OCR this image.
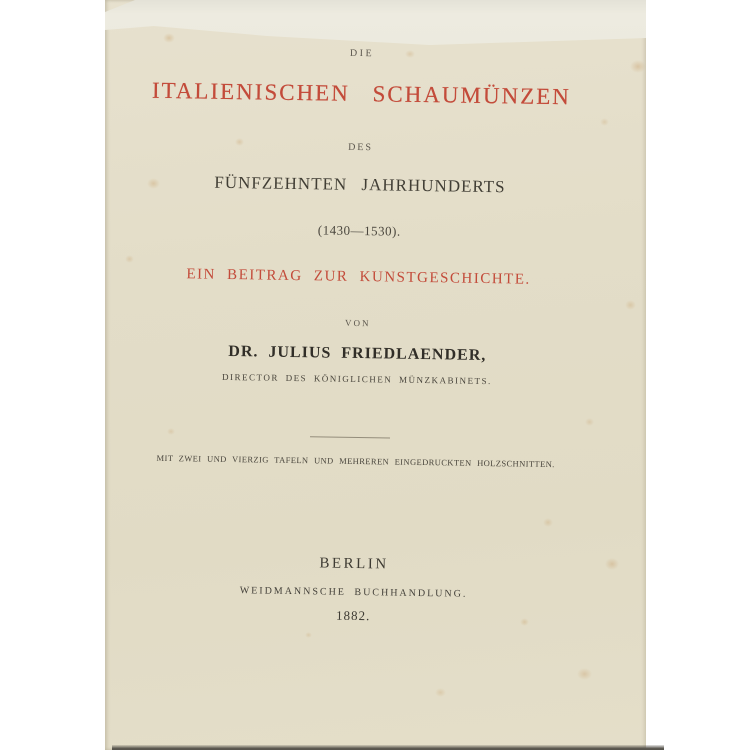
DIE
ITALIENISCHEN SCHAUMÜNZEN
DES
FÜNFZEHNTEN JAHRHUNDERTS
(1430—1530).
EIN BEITRAG ZUR KUNSTGESCHICHTE.
VON
DR. JULIUS FRIEDLAENDER,
DIRECTOR DES KÖNIGLICHEN MÜNZKABINETS.
MIT ZWEI UND VIERZIG TAFELN UND MEHREREN EINGEDRUCKTEN HOLZSCHNITTEN.
BERLIN
WEIDMANNSCHE BUCHHANDLUNG.
1882.
